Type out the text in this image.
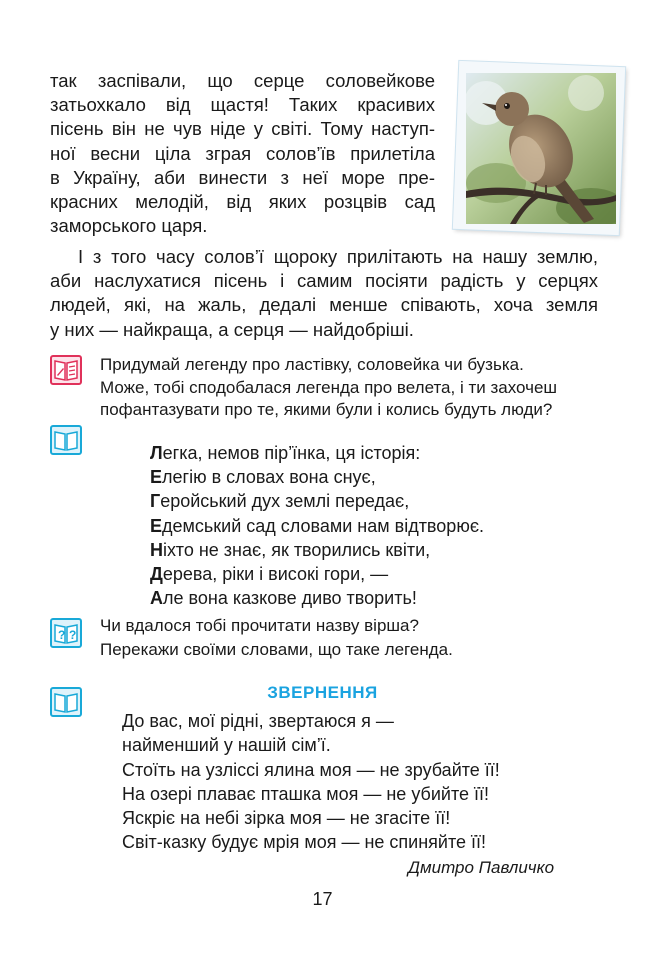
так заспівали, що серце соловейкове
затьохкало від щастя! Таких красивих
пісень він не чув ніде у світі. Тому наступ-
ної весни ціла зграя солов’їв прилетіла
в Україну, аби винести з неї море пре-
красних мелодій, від яких розцвів сад
заморського царя.
І з того часу солов’ї щороку прилітають на нашу землю,
аби наслухатися пісень і самим посіяти радість у серцях
людей, які, на жаль, дедалі менше співають, хоча земля
у них — найкраща, а серця — найдобріші.
Придумай легенду про ластівку, соловейка чи бузька.
Може, тобі сподобалася легенда про велета, і ти захочеш
пофантазувати про те, якими були і колись будуть люди?
Легка, немов пір’їнка, ця історія:
Елегію в словах вона снує,
Геройський дух землі передає,
Едемський сад словами нам відтворює.
Ніхто не знає, як творились квіти,
Дерева, ріки і високі гори, —
Але вона казкове диво творить!
? ? Чи вдалося тобі прочитати назву вірша?
Перекажи своїми словами, що таке легенда.
ЗВЕРНЕННЯ
До вас, мої рідні, звертаюся я —
найменший у нашій сім’ї.
Стоїть на узліссі ялина моя — не зрубайте її!
На озері плаває пташка моя — не убийте її!
Яскріє на небі зірка моя — не згасіте її!
Світ-казку будує мрія моя — не спиняйте її!
Дмитро Павличко
17
